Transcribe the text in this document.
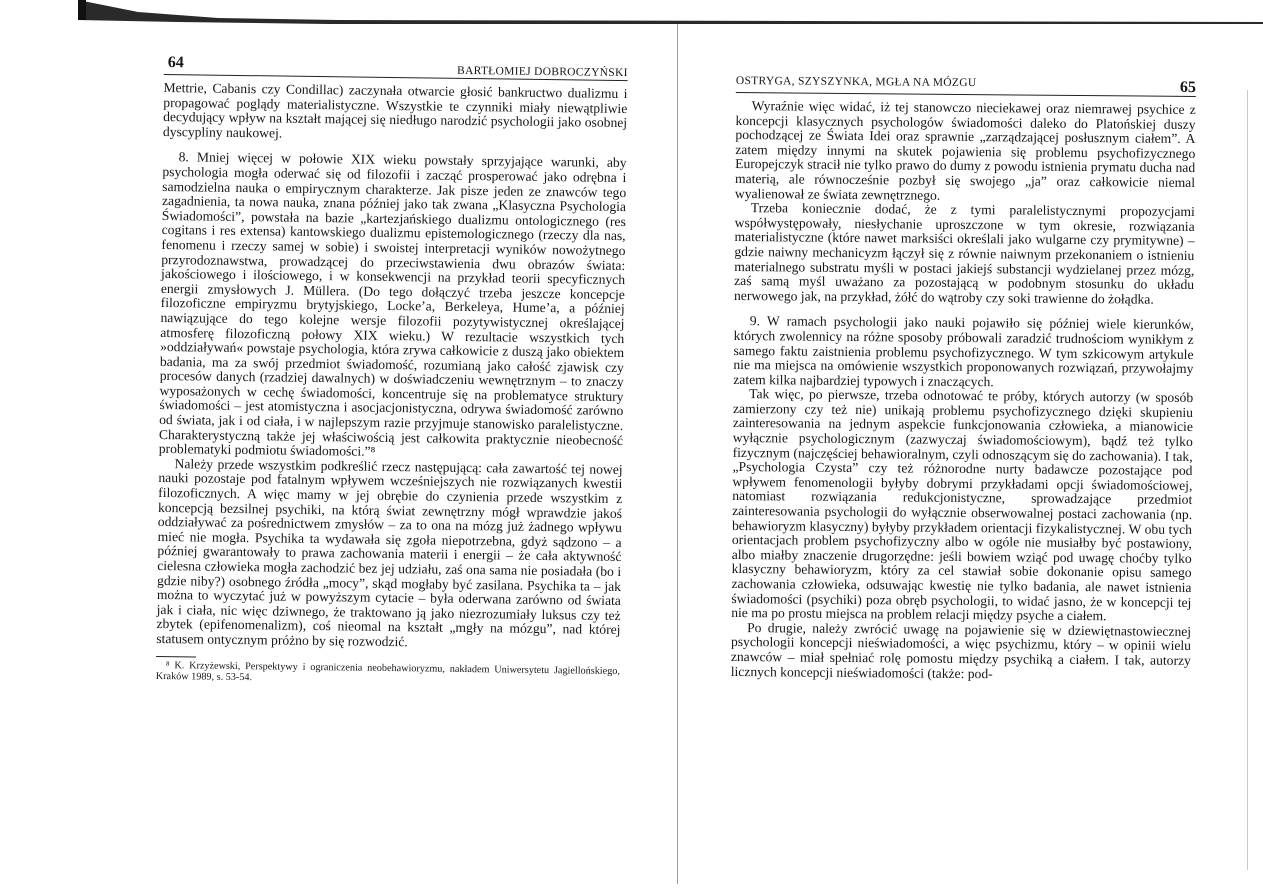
64
BARTŁOMIEJ DOBROCZYŃSKI

Mettrie, Cabanis czy Condillac) zaczynała otwarcie głosić bankructwo dualizmu i propagować poglądy materialistyczne. Wszystkie te czynniki miały niewątpliwie decydujący wpływ na kształt mającej się niedługo narodzić psychologii jako osobnej dyscypliny naukowej.

8. Mniej więcej w połowie XIX wieku powstały sprzyjające warunki, aby psychologia mogła oderwać się od filozofii i zacząć prosperować jako odrębna i samodzielna nauka o empirycznym charakterze. Jak pisze jeden ze znawców tego zagadnienia, ta nowa nauka, znana później jako tak zwana „Klasyczna Psychologia Świadomości”, powstała na bazie „kartezjańskiego dualizmu ontologicznego (res cogitans i res extensa) kantowskiego dualizmu epistemologicznego (rzeczy dla nas, fenomenu i rzeczy samej w sobie) i swoistej interpretacji wyników nowożytnego przyrodoznawstwa, prowadzącej do przeciwstawienia dwu obrazów świata: jakościowego i ilościowego, i w konsekwencji na przykład teorii specyficznych energii zmysłowych J. Müllera. (Do tego dołączyć trzeba jeszcze koncepcje filozoficzne empiryzmu brytyjskiego, Locke’a, Berkeleya, Hume’a, a później nawiązujące do tego kolejne wersje filozofii pozytywistycznej określającej atmosferę filozoficzną połowy XIX wieku.) W rezultacie wszystkich tych »oddziaływań« powstaje psychologia, która zrywa całkowicie z duszą jako obiektem badania, ma za swój przedmiot świadomość, rozumianą jako całość zjawisk czy procesów danych (rzadziej dawalnych) w doświadczeniu wewnętrznym – to znaczy wyposażonych w cechę świadomości, koncentruje się na problematyce struktury świadomości – jest atomistyczna i asocjacjonistyczna, odrywa świadomość zarówno od świata, jak i od ciała, i w najlepszym razie przyjmuje stanowisko paralelistyczne. Charakterystyczną także jej właściwością jest całkowita praktycznie nieobecność problematyki podmiotu świadomości.”⁸

Należy przede wszystkim podkreślić rzecz następującą: cała zawartość tej nowej nauki pozostaje pod fatalnym wpływem wcześniejszych nie rozwiązanych kwestii filozoficznych. A więc mamy w jej obrębie do czynienia przede wszystkim z koncepcją bezsilnej psychiki, na którą świat zewnętrzny mógł wprawdzie jakoś oddziaływać za pośrednictwem zmysłów – za to ona na mózg już żadnego wpływu mieć nie mogła. Psychika ta wydawała się zgoła niepotrzebna, gdyż sądzono – a później gwarantowały to prawa zachowania materii i energii – że cała aktywność cielesna człowieka mogła zachodzić bez jej udziału, zaś ona sama nie posiadała (bo i gdzie niby?) osobnego źródła „mocy”, skąd mogłaby być zasilana. Psychika ta – jak można to wyczytać już w powyższym cytacie – była oderwana zarówno od świata jak i ciała, nic więc dziwnego, że traktowano ją jako niezrozumiały luksus czy też zbytek (epifenomenalizm), coś nieomal na kształt „mgły na mózgu”, nad której statusem ontycznym próżno by się rozwodzić.

⁸ K. Krzyżewski, Perspektywy i ograniczenia neobehawioryzmu, nakładem Uniwersytetu Jagiellońskiego, Kraków 1989, s. 53-54.

OSTRYGA, SZYSZYNKA, MGŁA NA MÓZGU	65

Wyraźnie więc widać, iż tej stanowczo nieciekawej oraz niemrawej psychice z koncepcji klasycznych psychologów świadomości daleko do Platońskiej duszy pochodzącej ze Świata Idei oraz sprawnie „zarządzającej posłusznym ciałem”. A zatem między innymi na skutek pojawienia się problemu psychofizycznego Europejczyk stracił nie tylko prawo do dumy z powodu istnienia prymatu ducha nad materią, ale równocześnie pozbył się swojego „ja” oraz całkowicie niemal wyalienował ze świata zewnętrznego.

Trzeba koniecznie dodać, że z tymi paralelistycznymi propozycjami współwystępowały, niesłychanie uproszczone w tym okresie, rozwiązania materialistyczne (które nawet marksiści określali jako wulgarne czy prymitywne) – gdzie naiwny mechanicyzm łączył się z równie naiwnym przekonaniem o istnieniu materialnego substratu myśli w postaci jakiejś substancji wydzielanej przez mózg, zaś samą myśl uważano za pozostającą w podobnym stosunku do układu nerwowego jak, na przykład, żółć do wątroby czy soki trawienne do żołądka.

9. W ramach psychologii jako nauki pojawiło się później wiele kierunków, których zwolennicy na różne sposoby próbowali zaradzić trudnościom wynikłym z samego faktu zaistnienia problemu psychofizycznego. W tym szkicowym artykule nie ma miejsca na omówienie wszystkich proponowanych rozwiązań, przywołajmy zatem kilka najbardziej typowych i znaczących.

Tak więc, po pierwsze, trzeba odnotować te próby, których autorzy (w sposób zamierzony czy też nie) unikają problemu psychofizycznego dzięki skupieniu zainteresowania na jednym aspekcie funkcjonowania człowieka, a mianowicie wyłącznie psychologicznym (zazwyczaj świadomościowym), bądź też tylko fizycznym (najczęściej behawioralnym, czyli odnoszącym się do zachowania). I tak, „Psychologia Czysta” czy też różnorodne nurty badawcze pozostające pod wpływem fenomenologii byłyby dobrymi przykładami opcji świadomościowej, natomiast rozwiązania redukcjonistyczne, sprowadzające przedmiot zainteresowania psychologii do wyłącznie obserwowalnej postaci zachowania (np. behawioryzm klasyczny) byłyby przykładem orientacji fizykalistycznej. W obu tych orientacjach problem psychofizyczny albo w ogóle nie musiałby być postawiony, albo miałby znaczenie drugorzędne: jeśli bowiem wziąć pod uwagę choćby tylko klasyczny behawioryzm, który za cel stawiał sobie dokonanie opisu samego zachowania człowieka, odsuwając kwestię nie tylko badania, ale nawet istnienia świadomości (psychiki) poza obręb psychologii, to widać jasno, że w koncepcji tej nie ma po prostu miejsca na problem relacji między psyche a ciałem.

Po drugie, należy zwrócić uwagę na pojawienie się w dziewiętnastowiecznej psychologii koncepcji nieświadomości, a więc psychizmu, który – w opinii wielu znawców – miał spełniać rolę pomostu między psychiką a ciałem. I tak, autorzy licznych koncepcji nieświadomości (także: pod-
